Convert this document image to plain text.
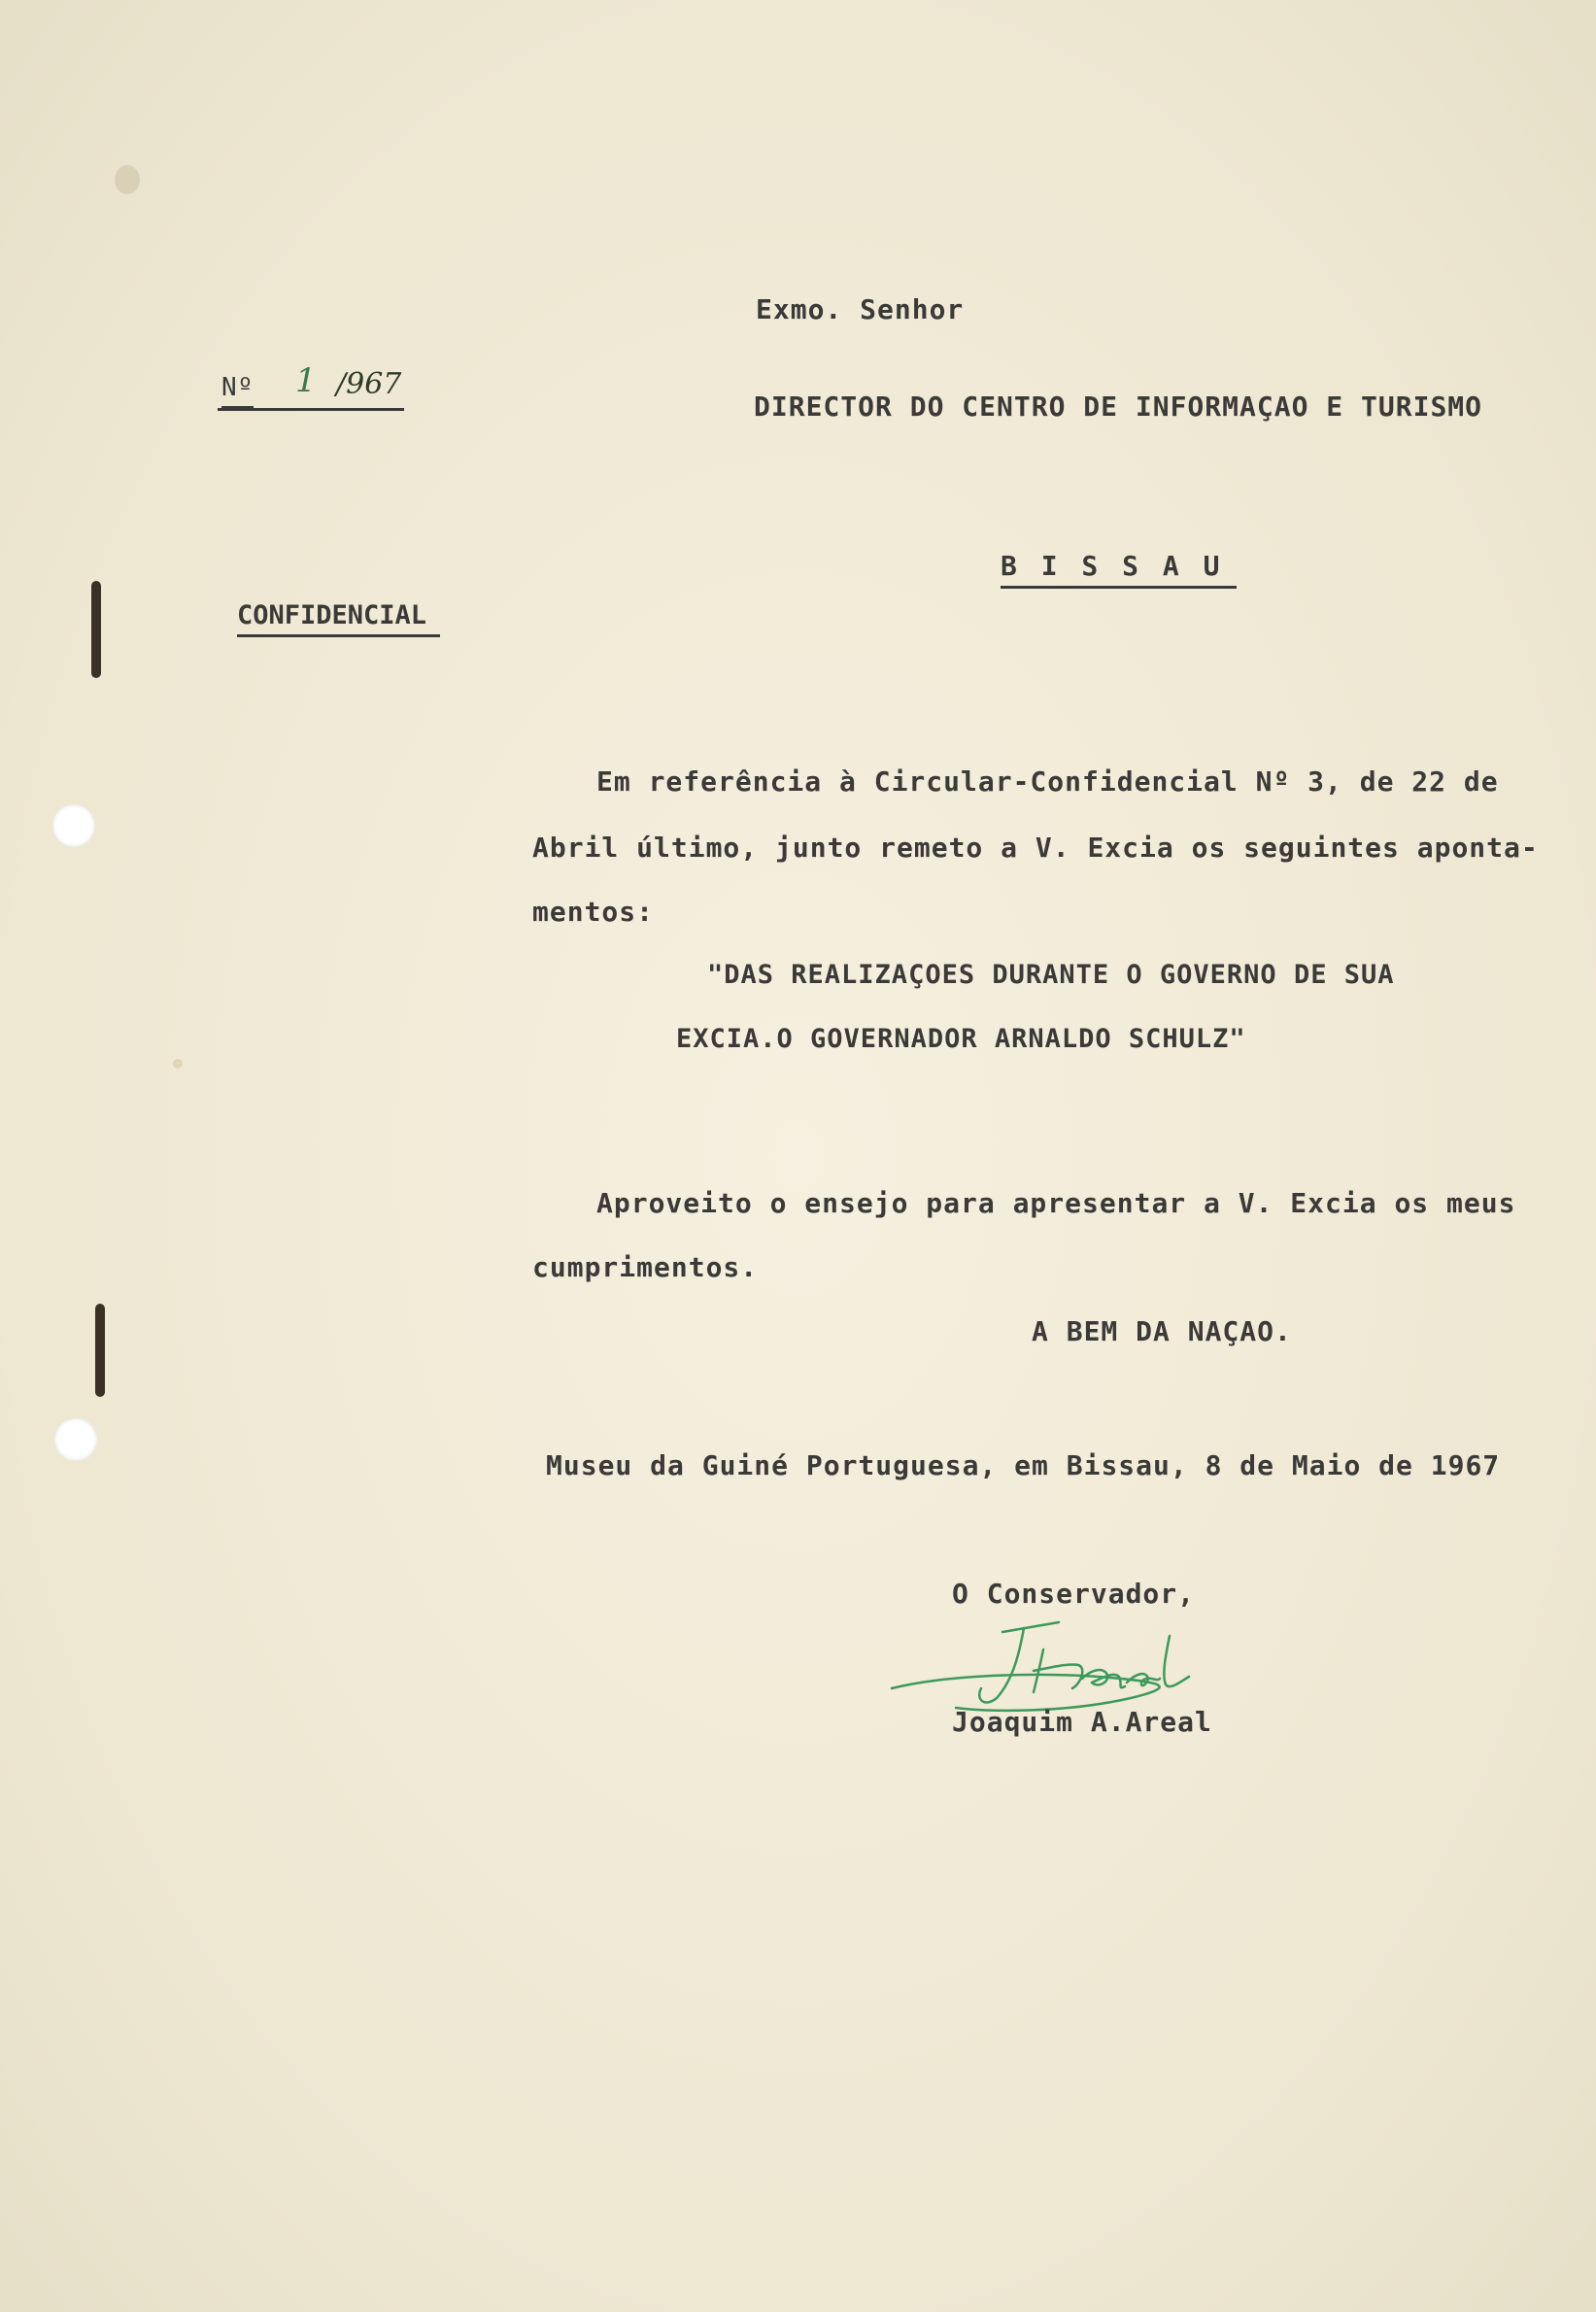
Nº 1 /967
Exmo. Senhor
DIRECTOR DO CENTRO DE INFORMAÇAO E TURISMO
B I S S A U
CONFIDENCIAL
Em referência à Circular-Confidencial Nº 3, de 22 de
Abril último, junto remeto a V. Excia os seguintes aponta-
mentos:
"DAS REALIZAÇOES DURANTE O GOVERNO DE SUA
EXCIA.O GOVERNADOR ARNALDO SCHULZ"
Aproveito o ensejo para apresentar a V. Excia os meus
cumprimentos.
A BEM DA NAÇAO.
Museu da Guiné Portuguesa, em Bissau, 8 de Maio de 1967
O Conservador,
Joaquim A.Areal
